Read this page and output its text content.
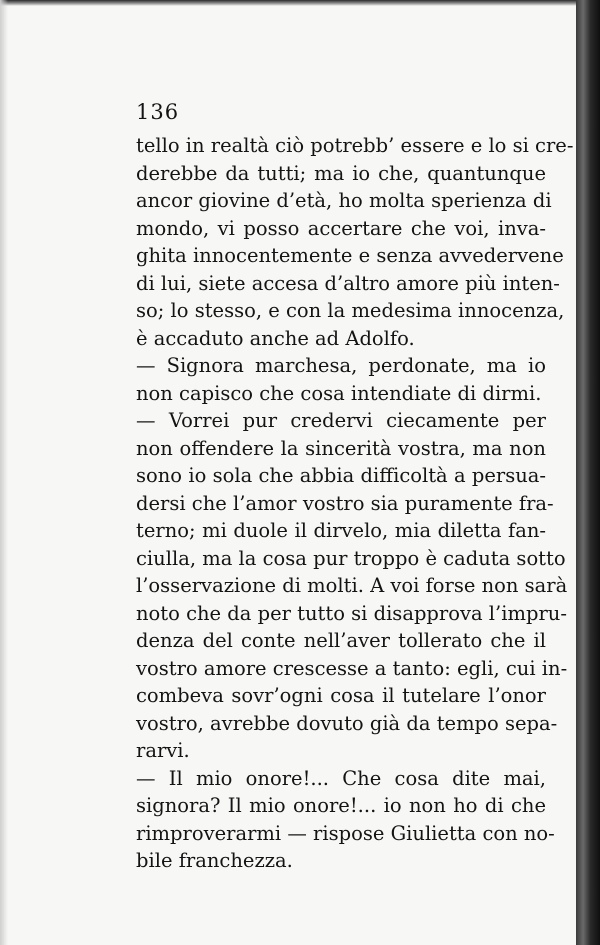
136
tello in realtà ciò potrebb’ essere e lo si cre-
derebbe da tutti; ma io che, quantunque
ancor giovine d’età, ho molta sperienza di
mondo, vi posso accertare che voi, inva-
ghita innocentemente e senza avvedervene
di lui, siete accesa d’altro amore più inten-
so; lo stesso, e con la medesima innocenza,
è accaduto anche ad Adolfo.
— Signora marchesa, perdonate, ma io
non capisco che cosa intendiate di dirmi.
— Vorrei pur credervi ciecamente per
non offendere la sincerità vostra, ma non
sono io sola che abbia difficoltà a persua-
dersi che l’amor vostro sia puramente fra-
terno; mi duole il dirvelo, mia diletta fan-
ciulla, ma la cosa pur troppo è caduta sotto
l’osservazione di molti. A voi forse non sarà
noto che da per tutto si disapprova l’impru-
denza del conte nell’aver tollerato che il
vostro amore crescesse a tanto: egli, cui in-
combeva sovr’ogni cosa il tutelare l’onor
vostro, avrebbe dovuto già da tempo sepa-
rarvi.
— Il mio onore!... Che cosa dite mai,
signora? Il mio onore!... io non ho di che
rimproverarmi — rispose Giulietta con no-
bile franchezza.
